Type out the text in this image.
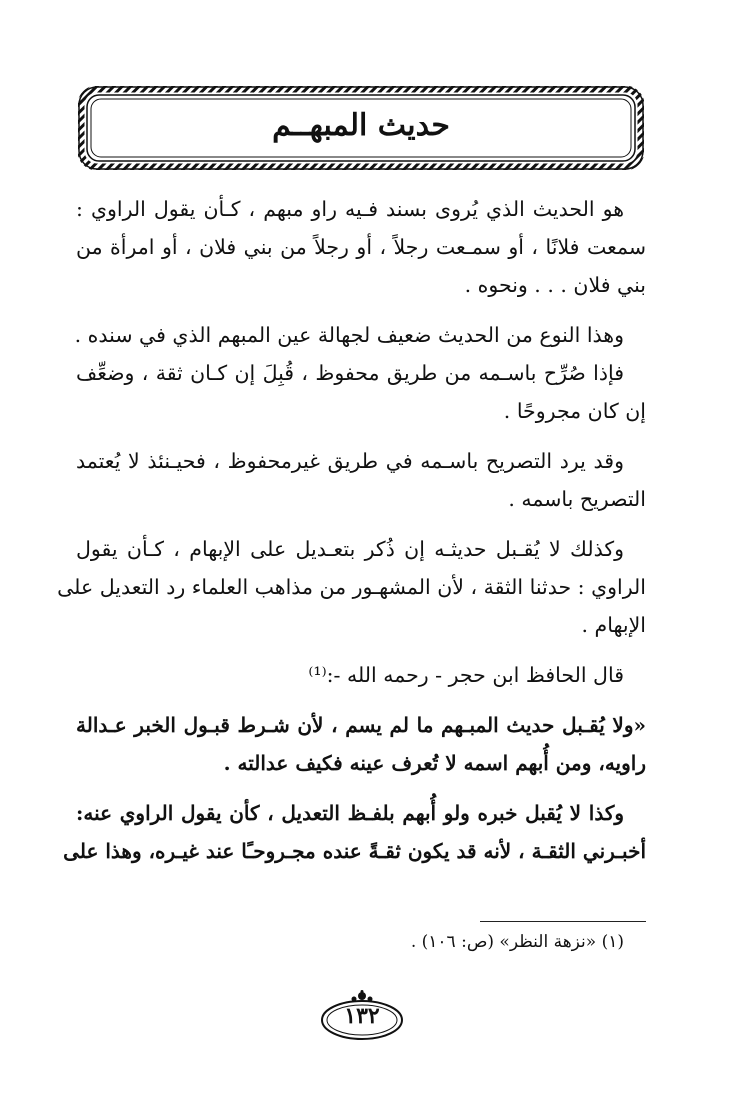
حديث المبهــم
هو الحديث الذي يُروى بسند فـيه راو مبهم ، كـأن يقول الراوي :
سمعت فلانًا ، أو سمـعت رجلاً ، أو رجلاً من بني فلان ، أو امرأة من
بني فلان . . . ونحوه .
وهذا النوع من الحديث ضعيف لجهالة عين المبهم الذي في سنده .
فإذا صُرِّح باسـمه من طريق محفوظ ، قُبِلَ إن كـان ثقة ، وضعِّف
إن كان مجروحًا .
وقد يرد التصريح باسـمه في طريق غيرمحفوظ ، فحيـنئذ لا يُعتمد
التصريح باسمه .
وكذلك لا يُقـبل حديثـه إن ذُكر بتعـديل على الإبهام ، كـأن يقول
الراوي : حدثنا الثقة ، لأن المشهـور من مذاهب العلماء رد التعديل على
الإبهام .
قال الحافظ ابن حجر - رحمه الله -:⁽¹⁾
«ولا يُقـبل حديث المبـهم ما لم يسم ، لأن شـرط قبـول الخبر عـدالة
راويه، ومن أُبهم اسمه لا تُعرف عينه فكيف عدالته .
وكذا لا يُقبل خبره ولو أُبهم بلفـظ التعديل ، كأن يقول الراوي عنه:
أخبـرني الثقـة ، لأنه قد يكون ثقـةً عنده مجـروحـًا عند غيـره، وهذا على
(١) «نزهة النظر» (ص: ١٠٦) .
١٣٢
